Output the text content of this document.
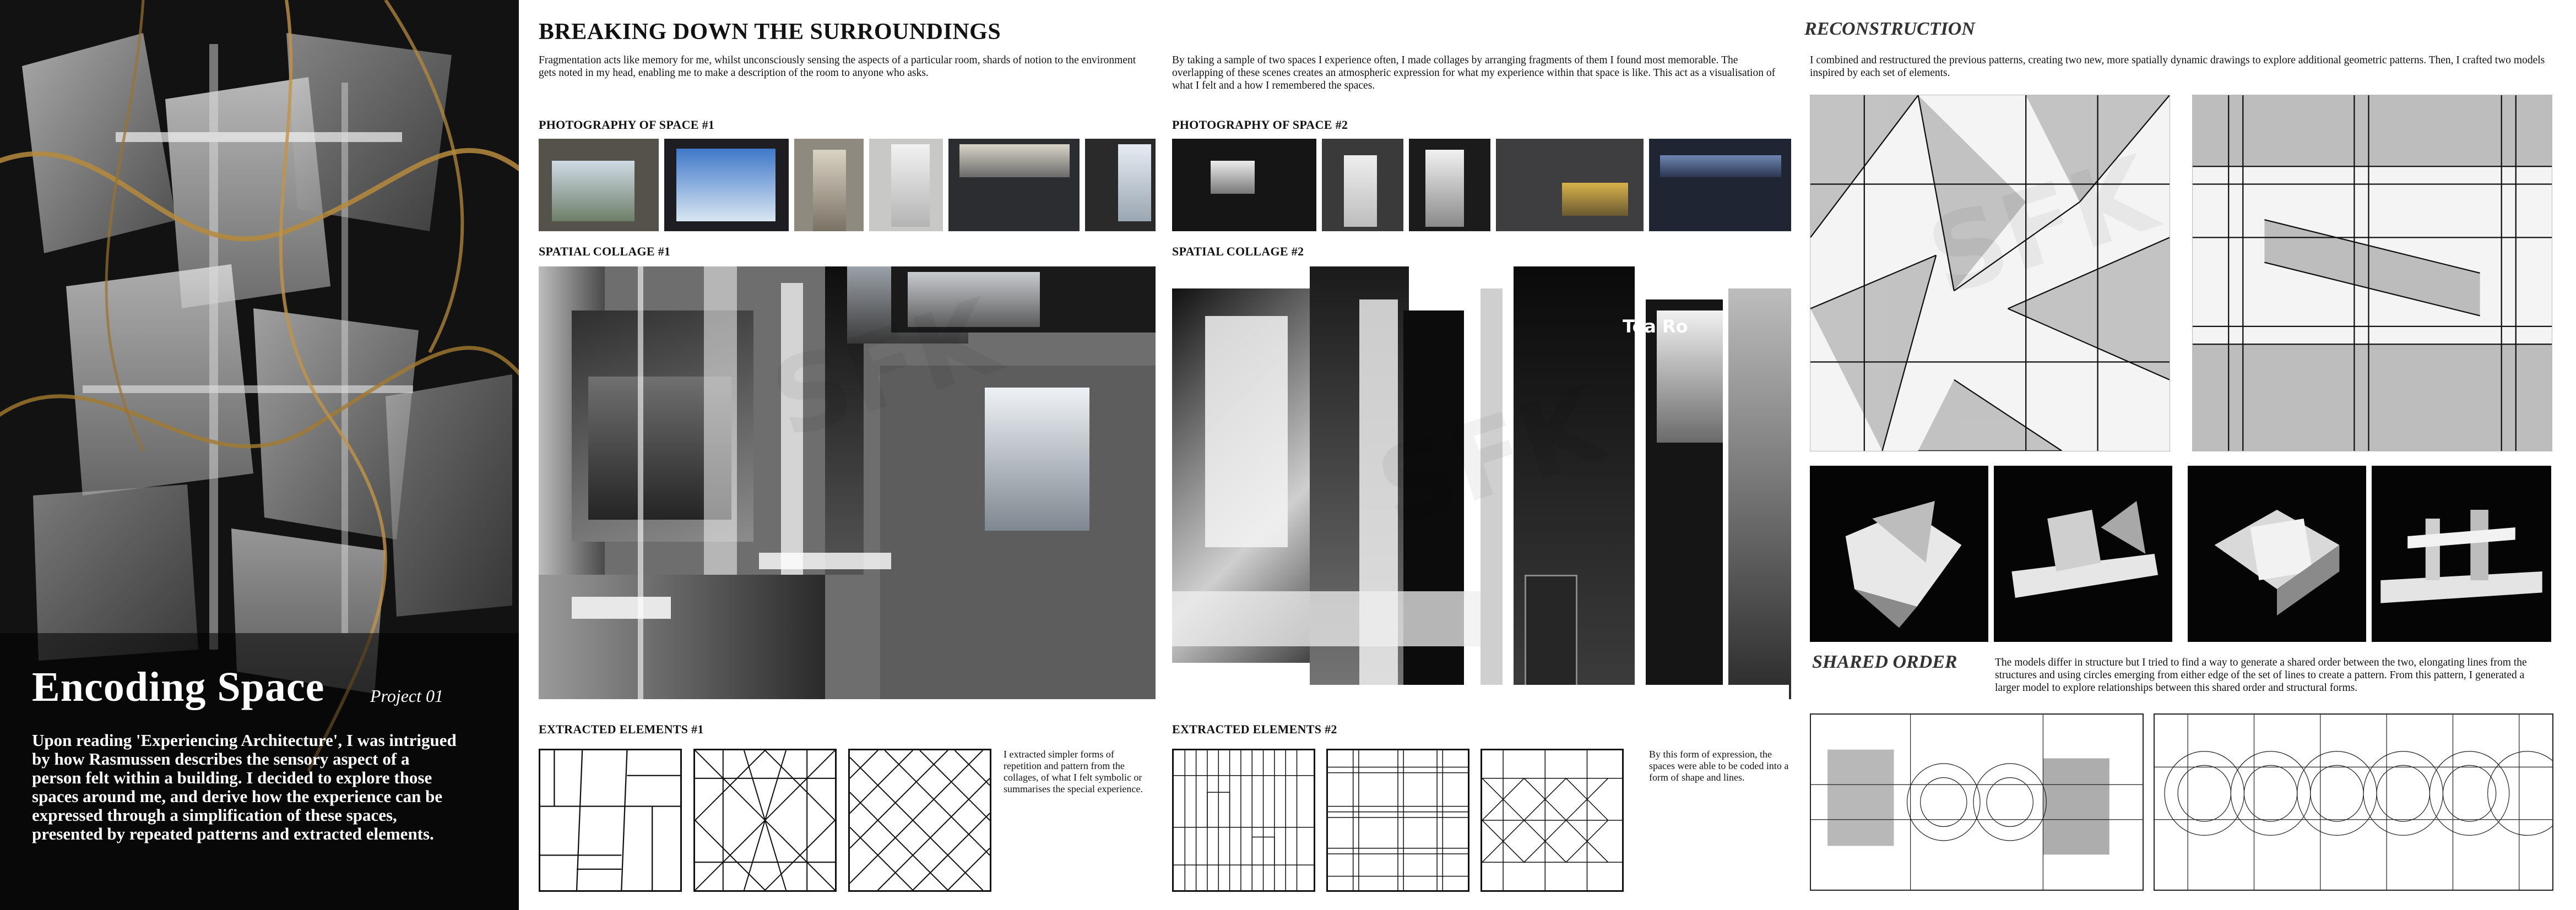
Encoding Space	Project 01
Upon reading 'Experiencing Architecture', I was intrigued by how Rasmussen describes the sensory aspect of a person felt within a building. I decided to explore those spaces around me, and derive how the experience can be expressed through a simplification of these spaces, presented by repeated patterns and extracted elements.
BREAKING DOWN THE SURROUNDINGS
Fragmentation acts like memory for me, whilst unconsciously sensing the aspects of a particular room, shards of notion to the environment gets noted in my head, enabling me to make a description of the room to anyone who asks.
By taking a sample of two spaces I experience often, I made collages by arranging fragments of them I found most memorable. The overlapping of these scenes creates an atmospheric expression for what my experience within that space is like. This act as a visualisation of what I felt and a how I remembered the spaces.
PHOTOGRAPHY OF SPACE #1	PHOTOGRAPHY OF SPACE #2
SPATIAL COLLAGE #1	SPATIAL COLLAGE #2
Tea Ro
EXTRACTED ELEMENTS #1
I extracted simpler forms of repetition and pattern from the collages, of what I felt symbolic or summarises the special experience.
EXTRACTED ELEMENTS #2
By this form of expression, the spaces were able to be coded into a form of shape and lines.
RECONSTRUCTION
I combined and restructured the previous patterns, creating two new, more spatially dynamic drawings to explore additional geometric patterns. Then, I crafted two models inspired by each set of elements.
SHARED ORDER	The models differ in structure but I tried to find a way to generate a shared order between the two, elongating lines from the structures and using circles emerging from either edge of the set of lines to create a pattern. From this pattern, I generated a larger model to explore relationships between this shared order and structural forms.
